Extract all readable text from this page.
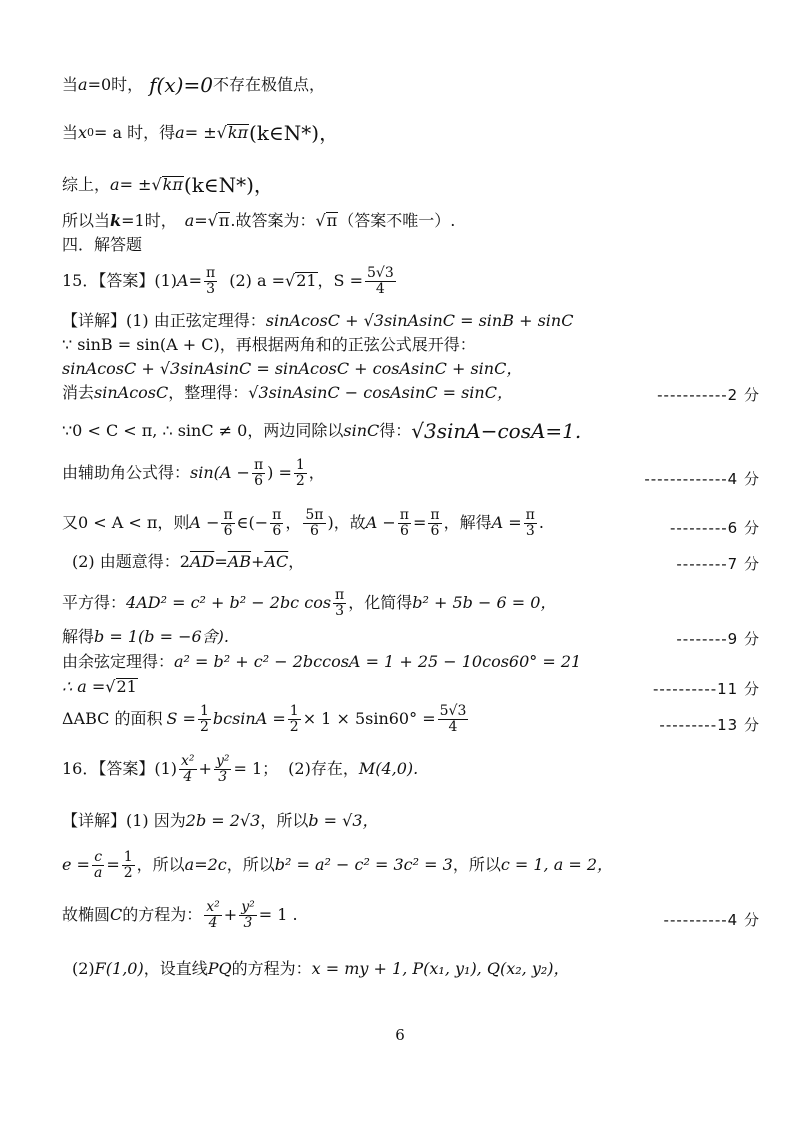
当 a =0时， f(x)=0 不存在极值点，
当 x 0 = a 时，得 a = ± √ kπ (k∈N*)，
综上， a = ± √ kπ (k∈N*)，
所以当 k =1时， a = √ π .故答案为： √ π （答案不唯一）.
四．解答题
15．【答案】(1) $A = \frac{\pi}{3} (2) a$ = √ 21 ，$S = \frac{5√3}{4}$
【详解】(1) 由正弦定理得： sinAcosC + √3sinAsinC = sinB + sinC
∵ sinB = sin(A + C)，再根据两角和的正弦公式展开得：
sinAcosC + √3sinAsinC = sinAcosC + cosAsinC + sinC，
消去 sinAcosC ，整理得： √3sinAsinC − cosAsinC = sinC，	-----------2 分
∵0 < C < π, ∴ sinC ≠ 0，两边同除以 sinC 得： √3sinA−cosA=1.
由辅助角公式得： $\sin(A - \frac{\pi}{6}$ ) = $\frac{1}{2}$ ，	-------------4 分
又0 < A < π，则 $A - \frac{\pi}{6}$ ∈(− $\frac{\pi}{6}$ ， $\frac{5\pi}{6}$ )，故 $A - \frac{\pi}{6} = \frac{\pi}{6}$ ，解得 $A = \frac{\pi}{3}$ .	---------6 分
(2) 由题意得： 2 $\overline{AD} = \overline{AB} + \overline{AC}$ ，	--------7 分
平方得： 4AD² = c² + b² − 2bc $\cos \frac{\pi}{3}$ ，化简得 b² + 5b − 6 = 0，
解得 b = 1(b = −6舍).	--------9 分
由余弦定理得： a² = b² + c² − 2bccosA = 1 + 25 − 10cos60° = 21
∴ a = √ 21	----------11 分
ΔABC 的面积 $S = \frac{1}{2}$ $bcsinA = \frac{1}{2} \times 1 \times 5\sin 60^\circ = \frac{5√3}{4}$	---------13 分
16．【答案】$(1) \frac{\text{x²}}{4} + \frac{\text{y²}}{3} = 1$； (2)存在， M(4,0).
【详解】(1) 因为 2b = 2√3 ，所以 b = √3，
$e = \frac{c}{a} = \frac{1}{2}$ ，所以 a=2c ，所以 b² = a² − c² = 3c² = 3 ，所以 c = 1, a = 2，
故椭圆 C 的方程为： $\frac{\text{x²}}{4} + \frac{\text{y²}}{3} = 1$ .	----------4 分
(2) F(1,0) ，设直线 PQ 的方程为： x = my + 1, P(x₁, y₁), Q(x₂, y₂)，
6
